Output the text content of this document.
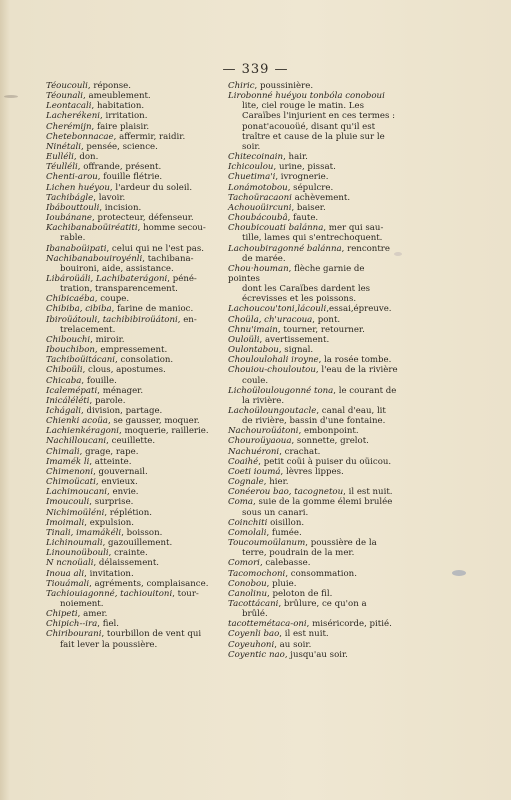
— 339 —
Téoucouli, réponse.
Téounali, ameublement.
Leontacali, habitation.
Lacherékeni, irritation.
Cherémijn, faire plaisir.
Chetebonnacae, affermir, raidir.
Ninétali, pensée, science.
Eulléli, don.
Téulléli, offrande, présent.
Chenti-arou, fouille flétrie.
Lichen huéyou, l'ardeur du soleil.
Tachibágle, lavoir.
Ibábouttouli, incision.
Ioubánane, protecteur, défenseur.
Kachibanaboüiréatiti, homme secou-
rable.
Ibanaboüipati, celui qui ne l'est pas.
Nachibanabouiroyénli, tachibana-
bouironi, aide, assistance.
Libároüáli, Lachibaterágoni, péné-
tration, transparencement.
Chibicaéba, coupe.
Chibiba, cibiba, farine de manioc.
Ibiroüátouli, tachibibiroüátoni, en-
trelacement.
Chibouchi, miroir.
Ibouchibon, empressement.
Tachiboüitácani, consolation.
Chiboüli, clous, apostumes.
Chicaba, fouille.
Icalemépati, ménager.
Inicáléléti, parole.
Ichágali, division, partage.
Chienki acoüa, se gausser, moquer.
Lachienkéragoni, moquerie, raillerie.
Nachilloucani, ceuillette.
Chimali, grage, rape.
Imamék li, atteinte.
Chimenoni, gouvernail.
Chimoücati, envieux.
Lachimoucani, envie.
Imoucouli, surprise.
Nichimoüléni, réplétion.
Imoimali, expulsion.
Tinali, imamákéli, boisson.
Lichinoumali, gazouillement.
Linounoübouli, crainte.
N ncnoüali, délaissement.
Inoua ali, invitation.
Tiouámali, agréments, complaisance.
Tachiouiagonné, tachiouitoni, tour-
noiement.
Chipeti, amer.
Chipich--ira, fiel.
Chiribourani, tourbillon de vent qui
fait lever la poussière.
Chiric, poussinière.
Lirobonné huéyou tonbóla conoboui
lite, ciel rouge le matin. Les Caraïbes l'injurient en ces termes : ponat'acouoüé, disant qu'il est traître et cause de la pluie sur le soir.
Chitecoinain, hair.
Ichicoulou, urine, pissat.
Chuetima'i, ivrognerie.
Lonámotobou, sépulcre.
Tachoüracaoni achèvement.
Achouoüircuni, baiser.
Choubácoubâ, faute.
Choubicouati balánna, mer qui sau-
tille, lames qui s'entrechoquent.
Lachoubiragonné balánna, rencontre
de marée.
Chou·houman, flèche garnie de pointes
dont les Caraïbes dardent les écrevisses et les poissons.
Lachoucou'toni,lácouli,essai,épreuve.
Choüla, ch'uracoua, pont.
Chnu'imain, tourner, retourner.
Ouloüli, avertissement.
Oulontabou, signal.
Chouloulohali iroyne, la rosée tombe.
Chouiou-chouloutou, l'eau de la rivière
coule.
Lichoüloulougonné tona, le courant de
la rivière.
Lachoüloungoutacle, canal d'eau, lit
de rivière, bassin d'une fontaine.
Nachouroüátoni, embonpoint.
Chouroüyaoua, sonnette, grelot.
Nachuéroni, crachat.
Coaihé, petit coüi à puiser du oüicou.
Coeti ioumá, lèvres lippes.
Cognale, hier.
Conéerou bao, tacognetou, il est nuit.
Coma, suie de la gomme élemi brulée
sous un canari.
Coinchiti oisillon.
Comolali, fumée.
Toucoumoülanum, poussière de la
terre, poudrain de la mer.
Comori, calebasse.
Tacomochoni, consommation.
Conobou, pluie.
Canolinu, peloton de fil.
Tacottácani, brûlure, ce qu'on a
brûlé.
tacottemétaca-oni, miséricorde, pitié.
Coyenli bao, il est nuit.
Coyeuhoni, au soir.
Coyentic nao, jusqu'au soir.
